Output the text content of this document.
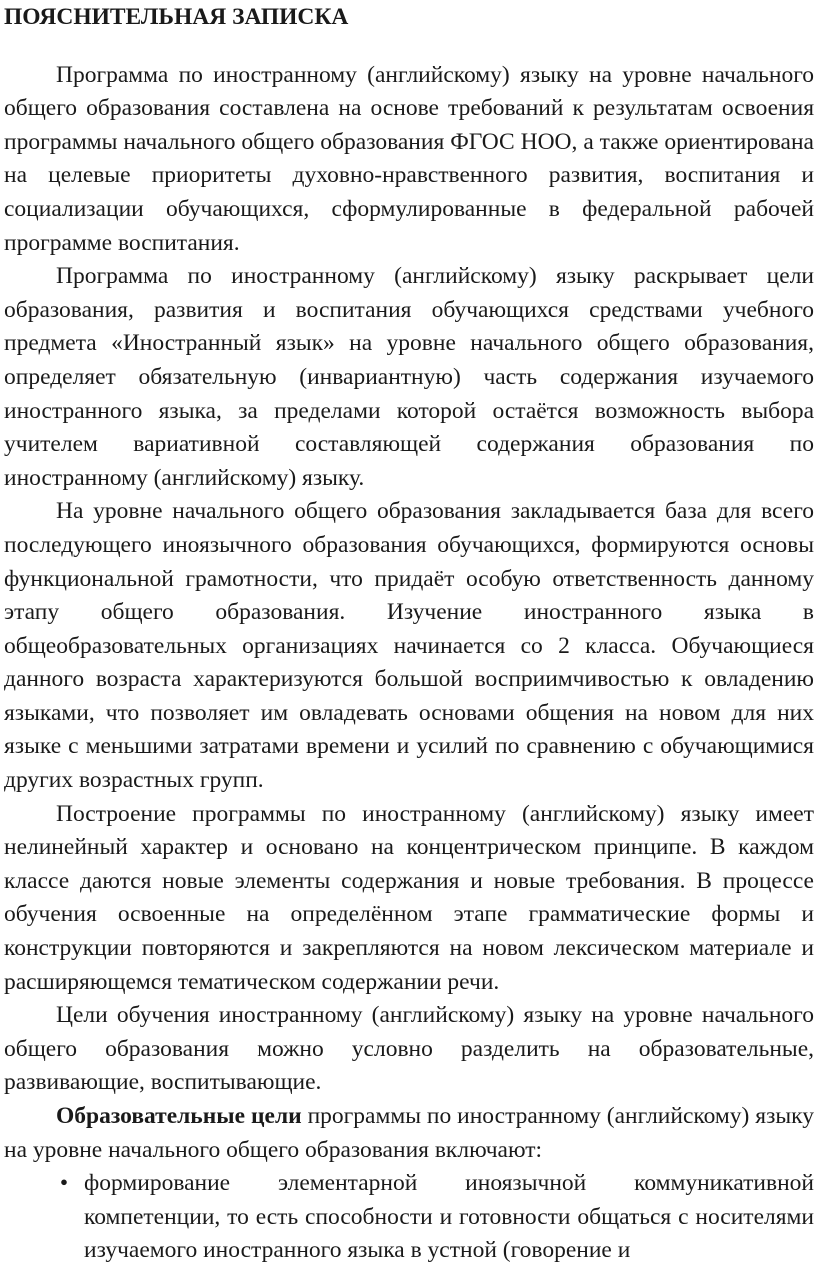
ПОЯСНИТЕЛЬНАЯ ЗАПИСКА

Программа по иностранному (английскому) языку на уровне начального общего образования составлена на основе требований к результатам освоения программы начального общего образования ФГОС НОО, а также ориентирована на целевые приоритеты духовно-нравственного развития, воспитания и социализации обучающихся, сформулированные в федеральной рабочей программе воспитания.

Программа по иностранному (английскому) языку раскрывает цели образования, развития и воспитания обучающихся средствами учебного предмета «Иностранный язык» на уровне начального общего образования, определяет обязательную (инвариантную) часть содержания изучаемого иностранного языка, за пределами которой остаётся возможность выбора учителем вариативной составляющей содержания образования по иностранному (английскому) языку.

На уровне начального общего образования закладывается база для всего последующего иноязычного образования обучающихся, формируются основы функциональной грамотности, что придаёт особую ответственность данному этапу общего образования. Изучение иностранного языка в общеобразовательных организациях начинается со 2 класса. Обучающиеся данного возраста характеризуются большой восприимчивостью к овладению языками, что позволяет им овладевать основами общения на новом для них языке с меньшими затратами времени и усилий по сравнению с обучающимися других возрастных групп.

Построение программы по иностранному (английскому) языку имеет нелинейный характер и основано на концентрическом принципе. В каждом классе даются новые элементы содержания и новые требования. В процессе обучения освоенные на определённом этапе грамматические формы и конструкции повторяются и закрепляются на новом лексическом материале и расширяющемся тематическом содержании речи.

Цели обучения иностранному (английскому) языку на уровне начального общего образования можно условно разделить на образовательные, развивающие, воспитывающие.

Образовательные цели программы по иностранному (английскому) языку на уровне начального общего образования включают:

• формирование элементарной иноязычной коммуникативной компетенции, то есть способности и готовности общаться с носителями изучаемого иностранного языка в устной (говорение и
